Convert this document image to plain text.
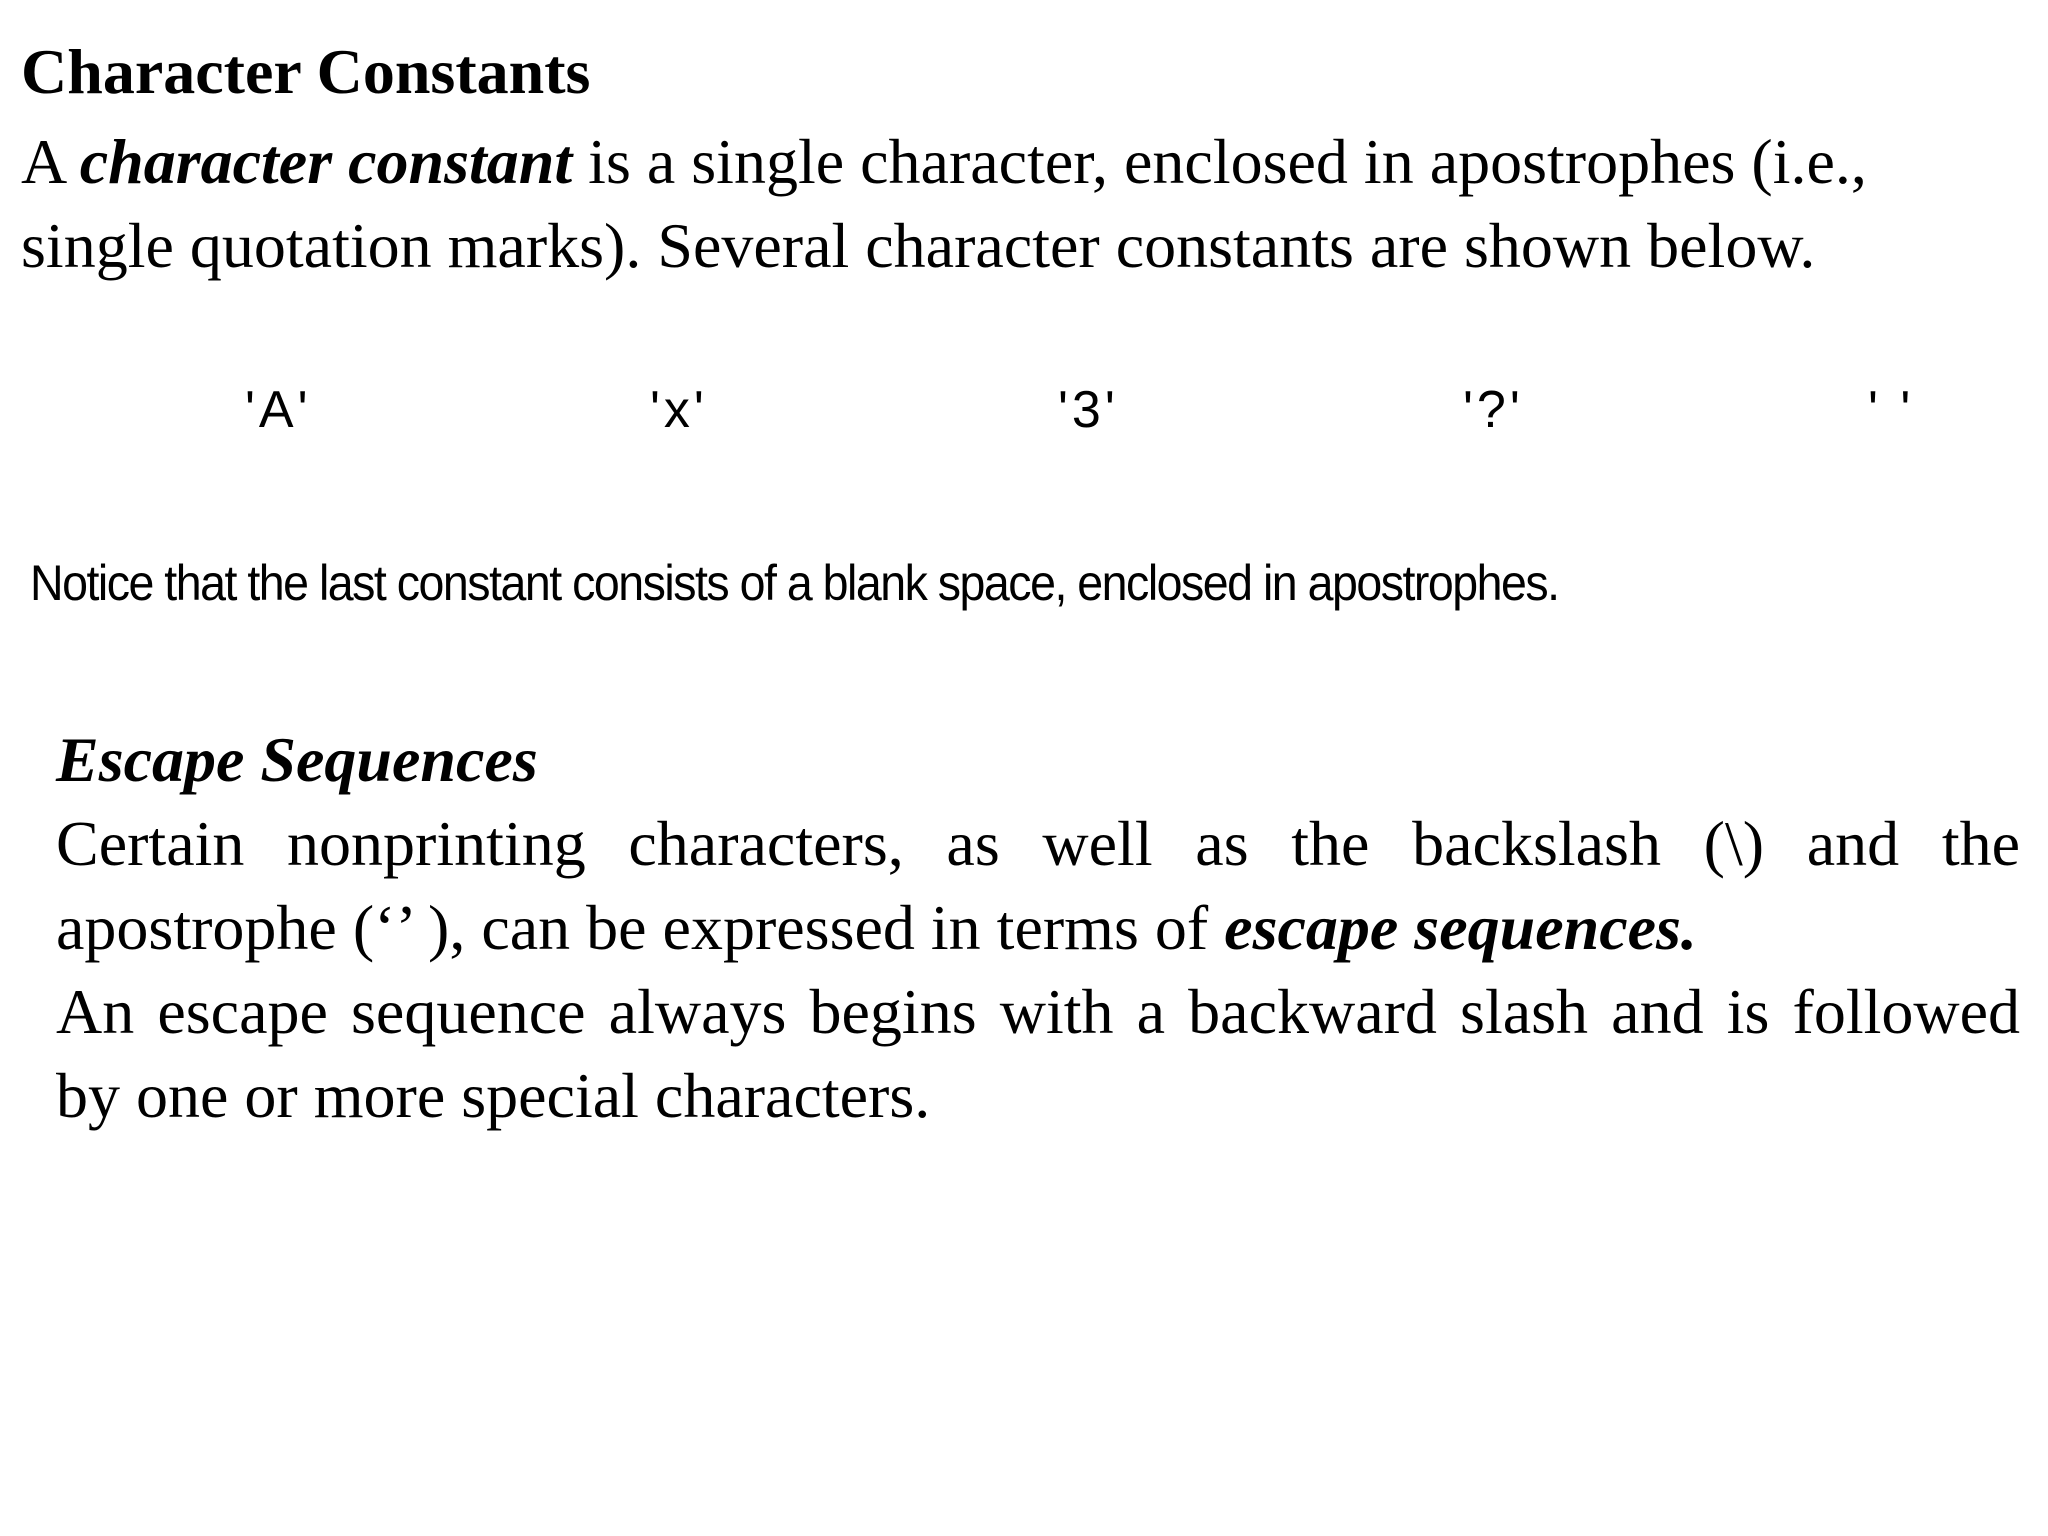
Character Constants

A character constant is a single character, enclosed in apostrophes (i.e., single quotation marks). Several character constants are shown below.

'A'	'x'	'3'	'?'	' '
Notice that the last constant consists of a blank space, enclosed in apostrophes.
Escape Sequences

Certain nonprinting characters, as well as the backslash (\) and the apostrophe (‘’ ), can be expressed in terms of escape sequences.

An escape sequence always begins with a backward slash and is followed by one or more special characters.
